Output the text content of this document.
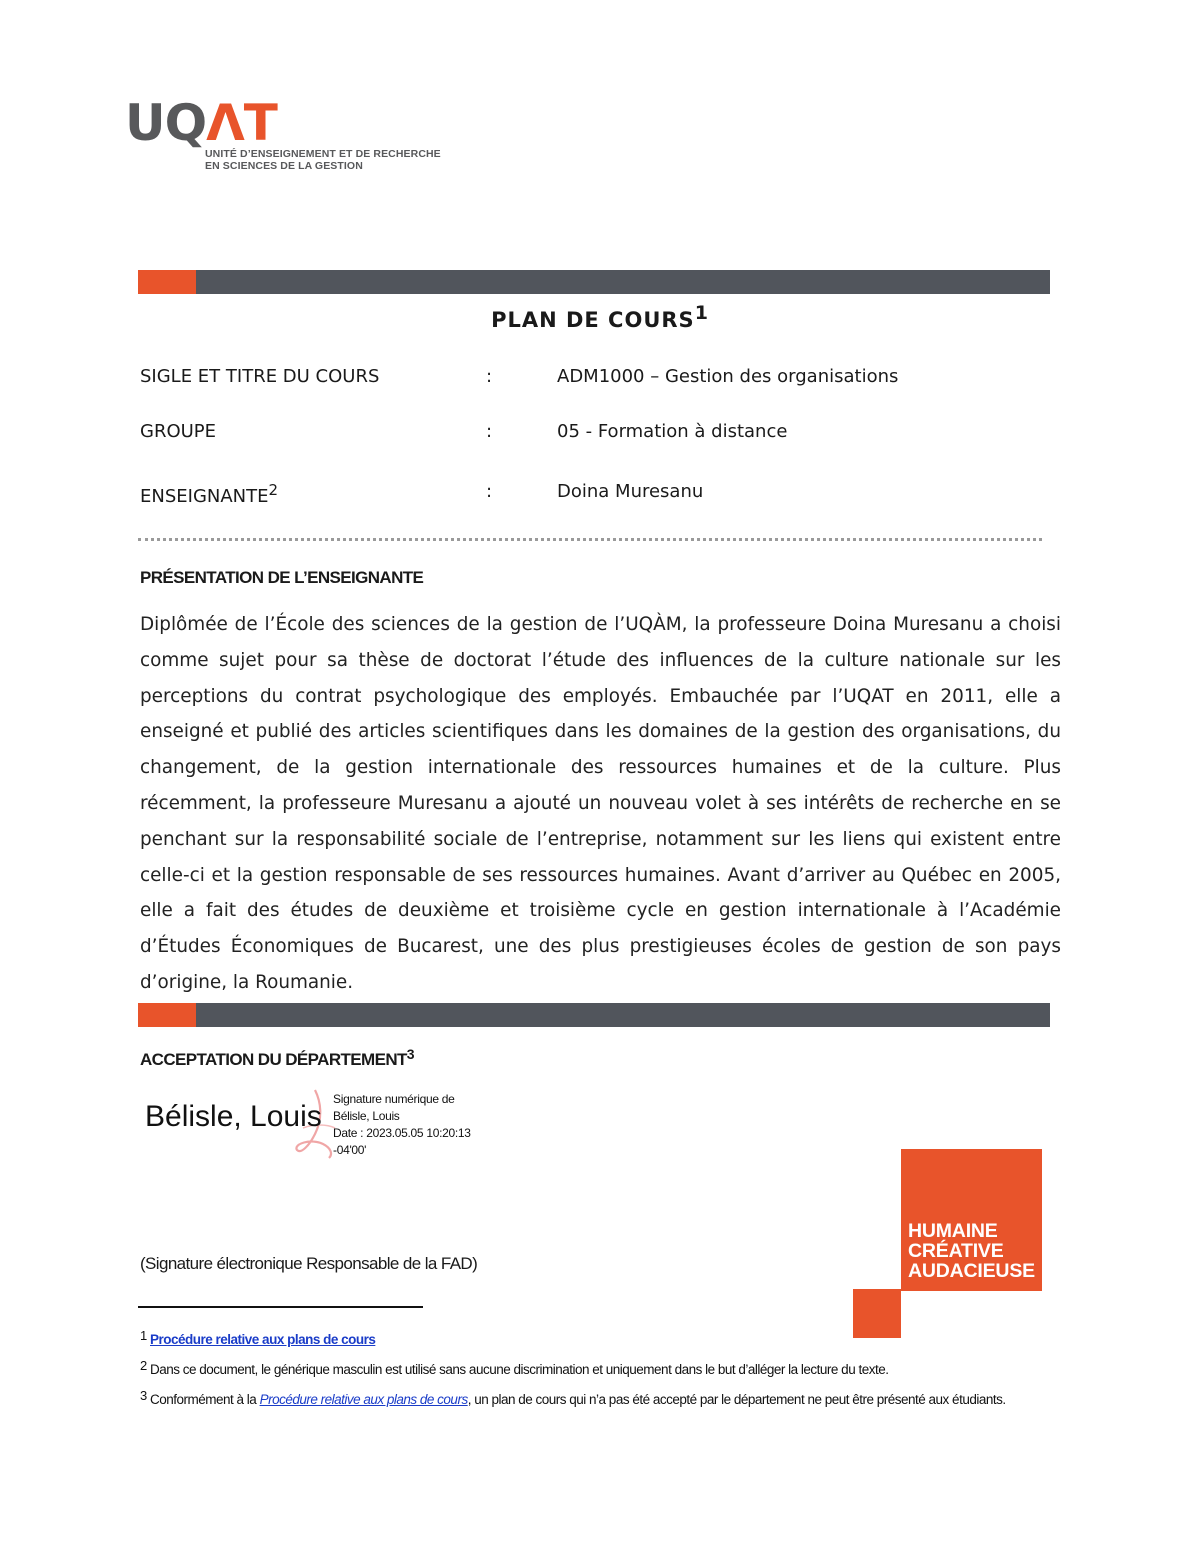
UQΛT
UNITÉ D’ENSEIGNEMENT ET DE RECHERCHE
EN SCIENCES DE LA GESTION
PLAN DE COURS$^1$
SIGLE ET TITRE DU COURS	:	ADM1000 – Gestion des organisations
GROUPE	:	05 - Formation à distance
ENSEIGNANTE$^2$	:	Doina Muresanu
PRÉSENTATION DE L’ENSEIGNANTE
Diplômée de l’École des sciences de la gestion de l’UQÀM, la professeure Doina Muresanu a choisi comme sujet pour sa thèse de doctorat l’étude des influences de la culture nationale sur les perceptions du contrat psychologique des employés. Embauchée par l’UQAT en 2011, elle a enseigné et publié des articles scientifiques dans les domaines de la gestion des organisations, du changement, de la gestion internationale des ressources humaines et de la culture. Plus récemment, la professeure Muresanu a ajouté un nouveau volet à ses intérêts de recherche en se penchant sur la responsabilité sociale de l’entreprise, notamment sur les liens qui existent entre celle-ci et la gestion responsable de ses ressources humaines. Avant d’arriver au Québec en 2005, elle a fait des études de deuxième et troisième cycle en gestion internationale à l’Académie d’Études Économiques de Bucarest, une des plus prestigieuses écoles de gestion de son pays d’origine, la Roumanie.
ACCEPTATION DU DÉPARTEMENT$^3$
Bélisle, Louis
Signature numérique de
Bélisle, Louis
Date : 2023.05.05 10:20:13
-04'00'
(Signature électronique Responsable de la FAD)
HUMAINE
CRÉATIVE
AUDACIEUSE
$^1$ Procédure relative aux plans de cours
$^2$ Dans ce document, le générique masculin est utilisé sans aucune discrimination et uniquement dans le but d’alléger la lecture du texte.
$^3$ Conformément à la Procédure relative aux plans de cours, un plan de cours qui n’a pas été accepté par le département ne peut être présenté aux étudiants.
